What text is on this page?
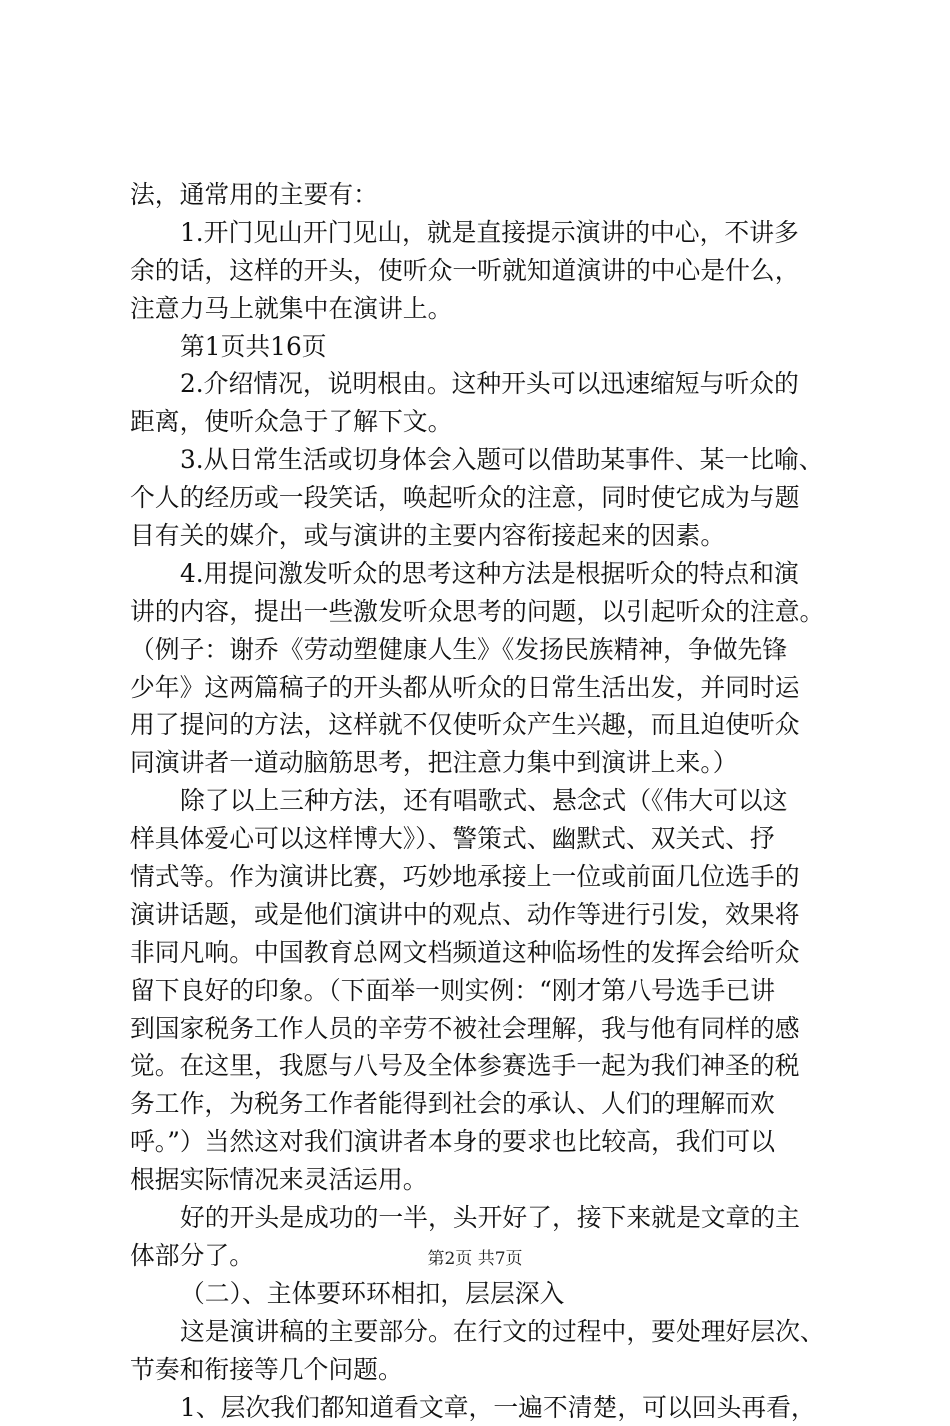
法，通常用的主要有：
1.开门见山开门见山，就是直接提示演讲的中心，不讲多
余的话，这样的开头，使听众一听就知道演讲的中心是什么，
注意力马上就集中在演讲上。
第1页共16页
2.介绍情况，说明根由。这种开头可以迅速缩短与听众的
距离，使听众急于了解下文。
3.从日常生活或切身体会入题可以借助某事件、某一比喻、
个人的经历或一段笑话，唤起听众的注意，同时使它成为与题
目有关的媒介，或与演讲的主要内容衔接起来的因素。
4.用提问激发听众的思考这种方法是根据听众的特点和演
讲的内容，提出一些激发听众思考的问题，以引起听众的注意。
（例子：谢乔《劳动塑健康人生》《发扬民族精神，争做先锋
少年》这两篇稿子的开头都从听众的日常生活出发，并同时运
用了提问的方法，这样就不仅使听众产生兴趣，而且迫使听众
同演讲者一道动脑筋思考，把注意力集中到演讲上来。）
除了以上三种方法，还有唱歌式、悬念式（《伟大可以这
样具体爱心可以这样博大》）、警策式、幽默式、双关式、抒
情式等。作为演讲比赛，巧妙地承接上一位或前面几位选手的
演讲话题，或是他们演讲中的观点、动作等进行引发，效果将
非同凡响。中国教育总网文档频道这种临场性的发挥会给听众
留下良好的印象。（下面举一则实例：“刚才第八号选手已讲
到国家税务工作人员的辛劳不被社会理解，我与他有同样的感
觉。在这里，我愿与八号及全体参赛选手一起为我们神圣的税
务工作，为税务工作者能得到社会的承认、人们的理解而欢
呼。”）当然这对我们演讲者本身的要求也比较高，我们可以
根据实际情况来灵活运用。
好的开头是成功的一半，头开好了，接下来就是文章的主
体部分了。
（二）、主体要环环相扣，层层深入
这是演讲稿的主要部分。在行文的过程中，要处理好层次、
节奏和衔接等几个问题。
1、层次我们都知道看文章，一遍不清楚，可以回头再看，
第2页 共7页
